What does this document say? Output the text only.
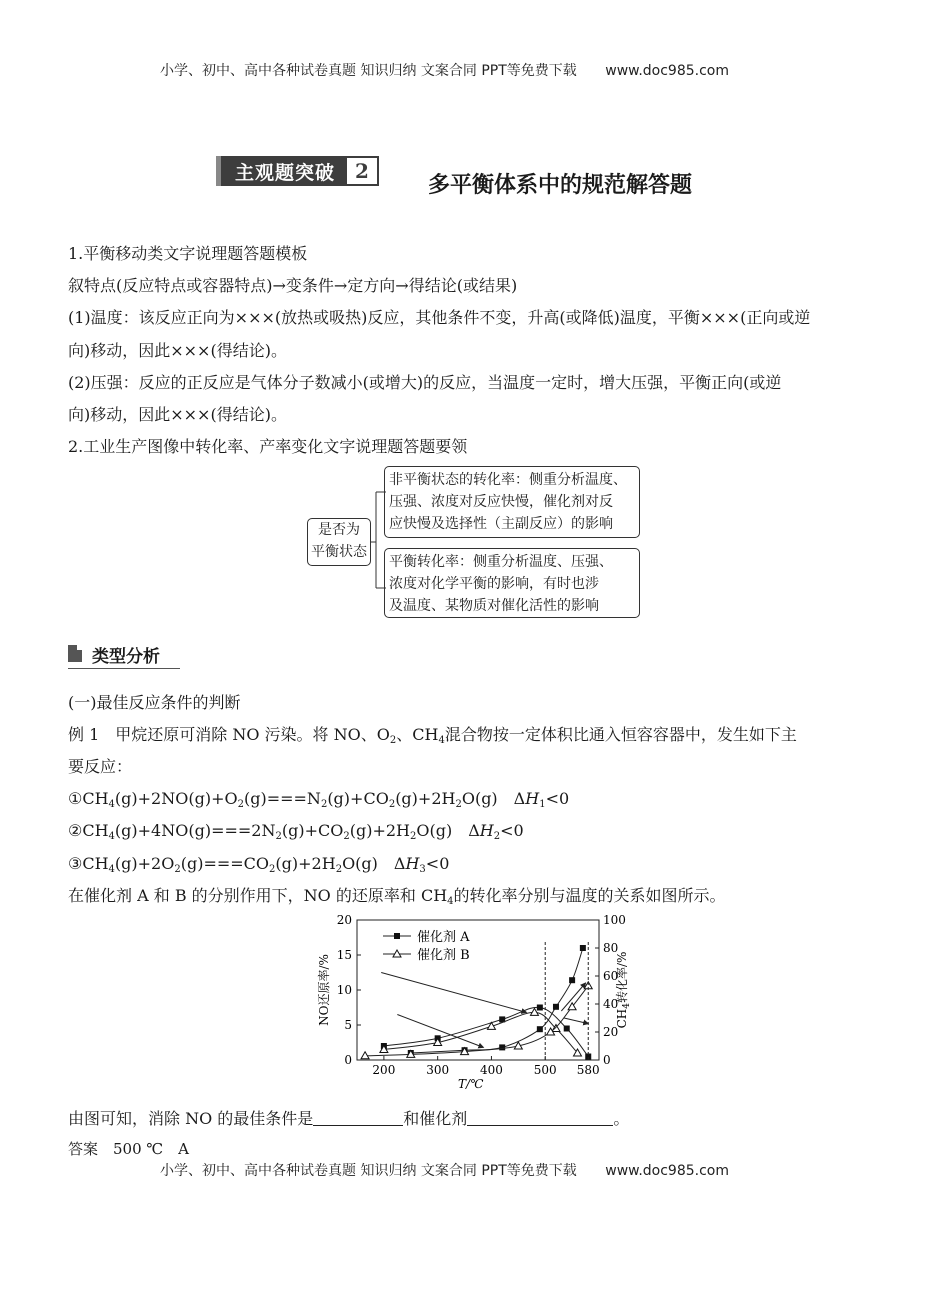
小学、初中、高中各种试卷真题 知识归纳 文案合同 PPT等免费下载 www.doc985.com
主观题突破	2
多平衡体系中的规范解答题
1.平衡移动类文字说理题答题模板
叙特点(反应特点或容器特点)→变条件→定方向→得结论(或结果)
(1)温度：该反应正向为×××(放热或吸热)反应，其他条件不变，升高(或降低)温度，平衡×××(正向或逆
向)移动，因此×××(得结论)。
(2)压强：反应的正反应是气体分子数减小(或增大)的反应，当温度一定时，增大压强，平衡正向(或逆
向)移动，因此×××(得结论)。
2.工业生产图像中转化率、产率变化文字说理题答题要领
是否为
平衡状态
非平衡状态的转化率：侧重分析温度、
压强、浓度对反应快慢，催化剂对反
应快慢及选择性（主副反应）的影响
平衡转化率：侧重分析温度、压强、
浓度对化学平衡的影响，有时也涉
及温度、某物质对催化活性的影响
类型分析
(一)最佳反应条件的判断
例 1　甲烷还原可消除 NO 污染。将 NO、$O_2$、$CH_4$混合物按一定体积比通入恒容容器中，发生如下主
要反应：
$①CH_4(g)+2NO(g)+O_2(g)===N_2(g)+CO_2(g)+2H_2O(g)$　$\Delta H_1<0$
$②CH_4(g)+4NO(g)===2N_2(g)+CO_2(g)+2H_2O(g)$　$\Delta H_2<0$
$③CH_4(g)+2O_2(g)===CO_2(g)+2H_2O(g)$　$\Delta H_3<0$
在催化剂 A 和 B 的分别作用下，NO 的还原率和 $CH_4$的转化率分别与温度的关系如图所示。
200	300	400	500 580
0
5
10
15
20
0
20
40
60
80
100
T/℃
NO还原率/%	$CH_4$转化率/%
催化剂 A
催化剂 B
由图可知，消除 NO 的最佳条件是	和催化剂	。
答案　500 ℃　A
小学、初中、高中各种试卷真题 知识归纳 文案合同 PPT等免费下载 www.doc985.com
